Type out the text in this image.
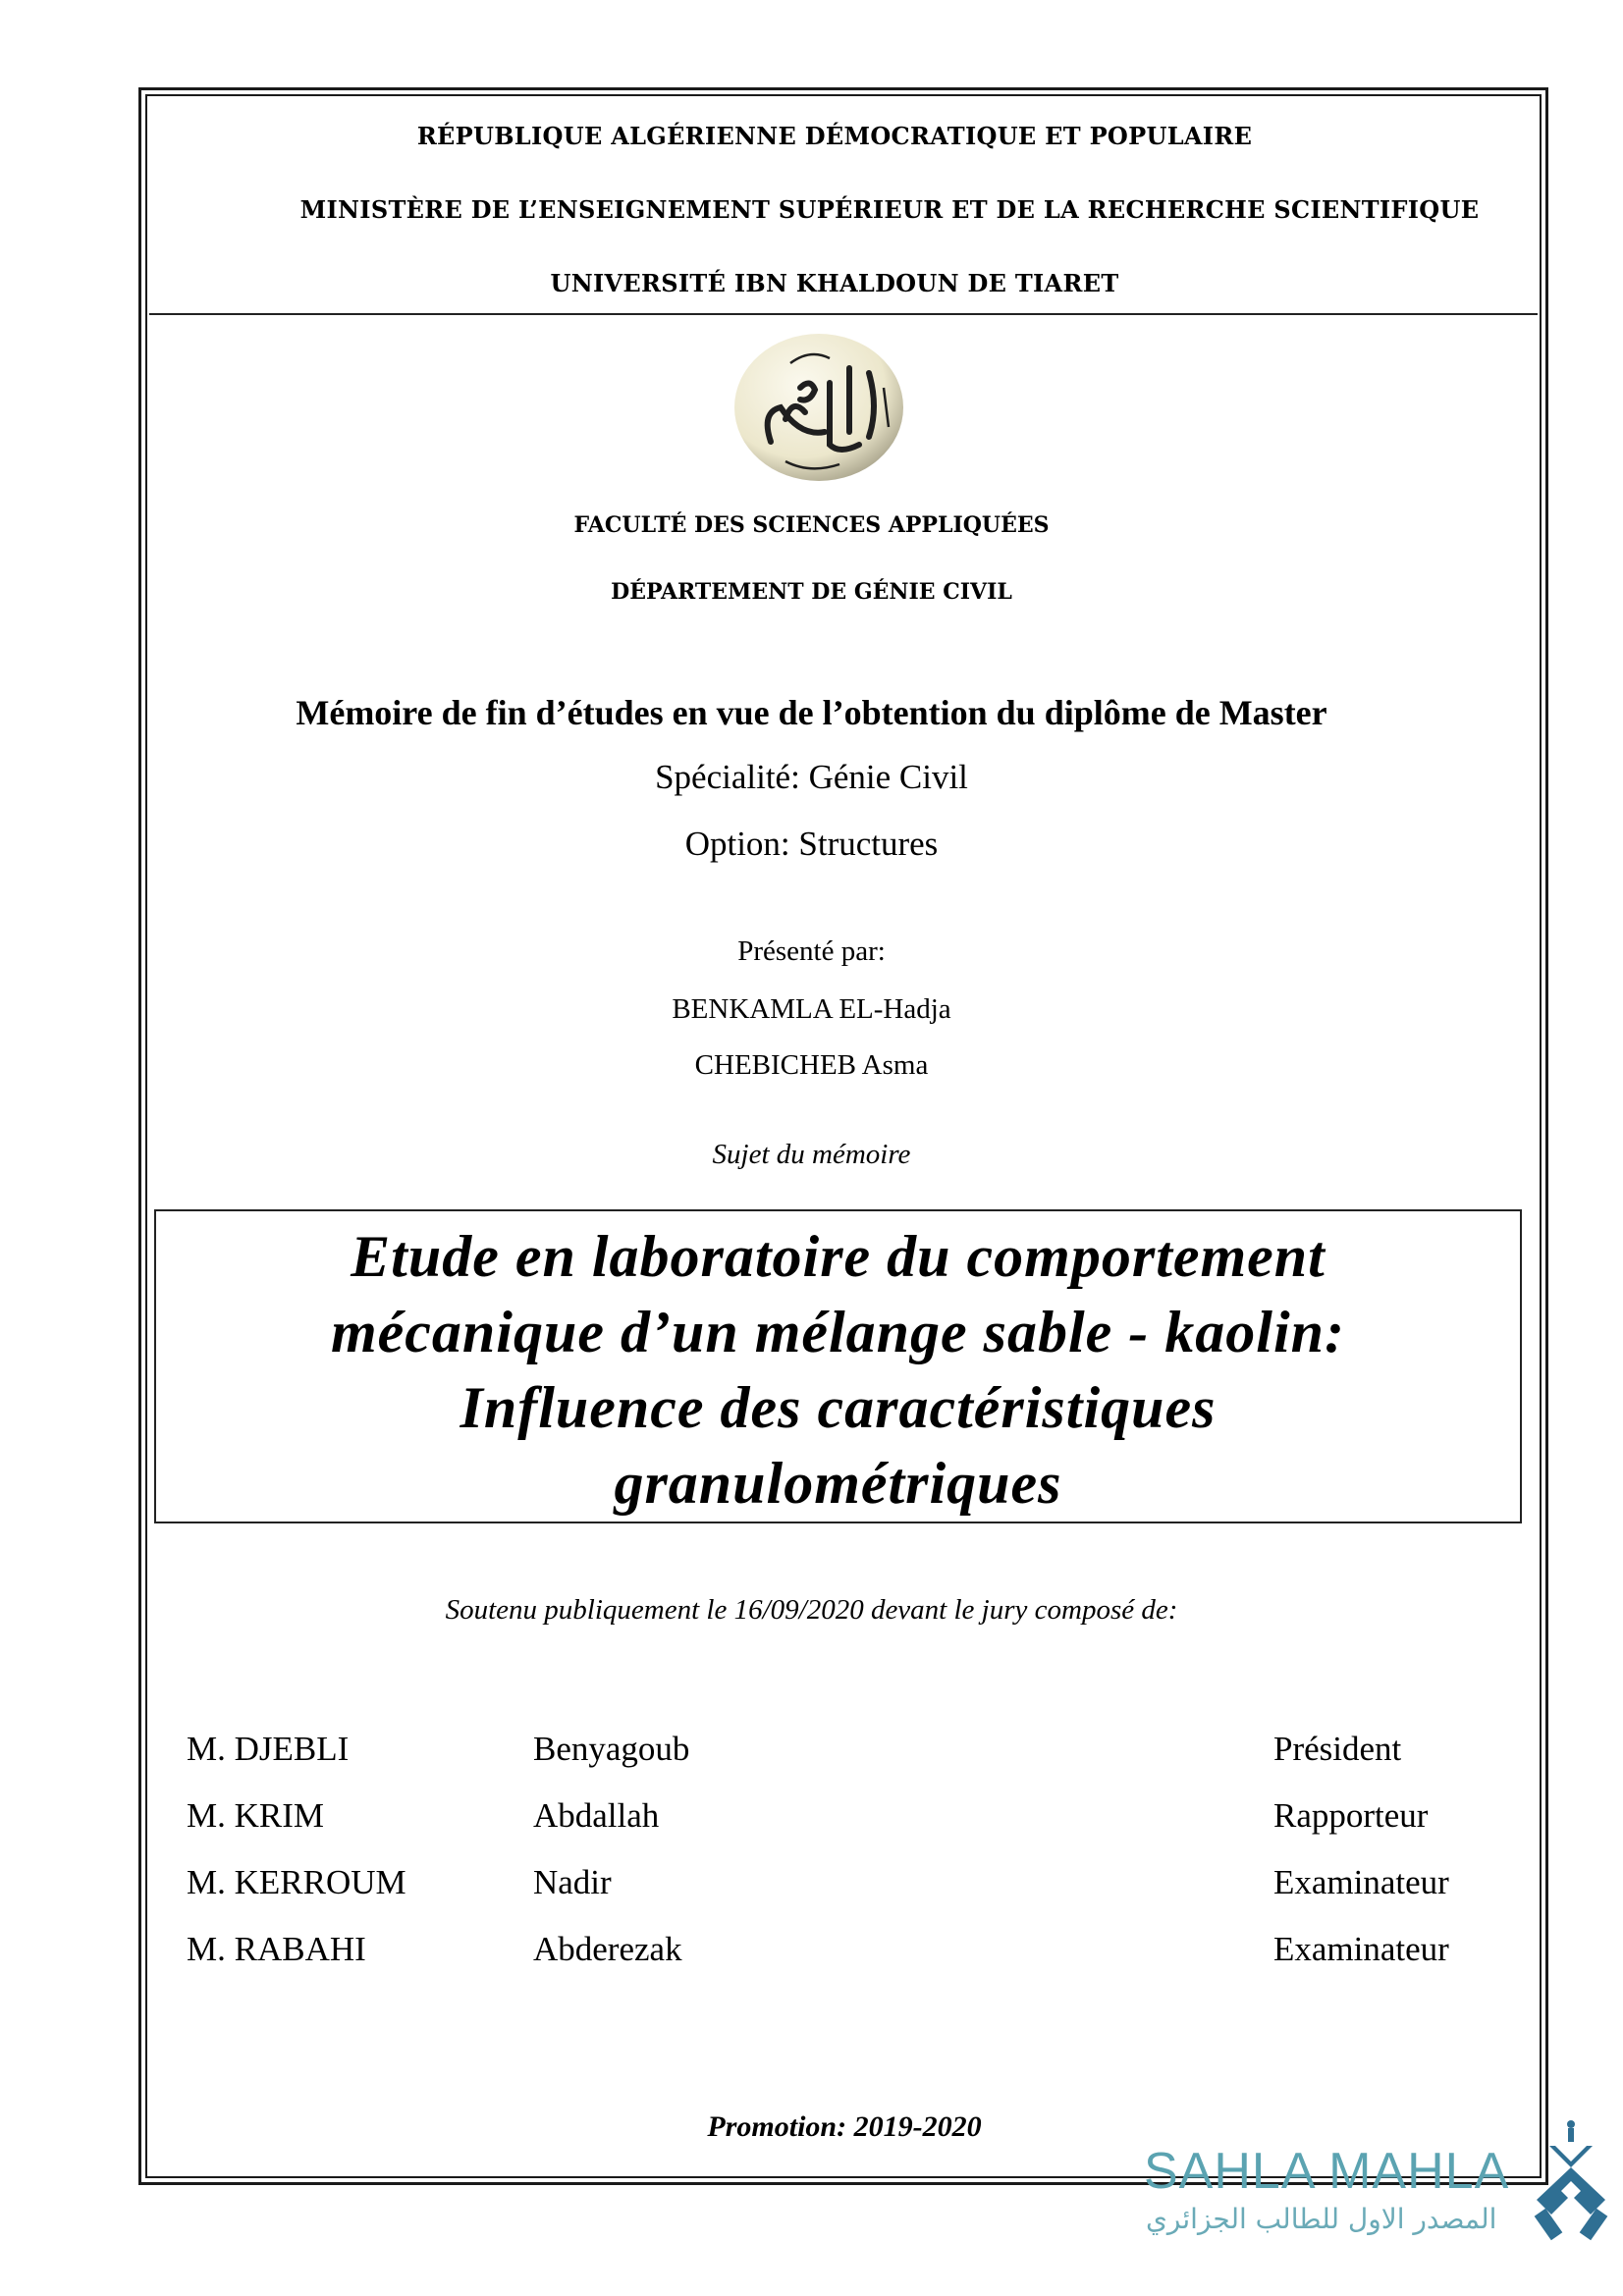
RÉPUBLIQUE ALGÉRIENNE DÉMOCRATIQUE ET POPULAIRE
MINISTÈRE DE L’ENSEIGNEMENT SUPÉRIEUR ET DE LA RECHERCHE SCIENTIFIQUE
UNIVERSITÉ IBN KHALDOUN DE TIARET
FACULTÉ DES SCIENCES APPLIQUÉES
DÉPARTEMENT DE GÉNIE CIVIL
Mémoire de fin d’études en vue de l’obtention du diplôme de Master
Spécialité: Génie Civil
Option: Structures
Présenté par:
BENKAMLA EL-Hadja
CHEBICHEB Asma
Sujet du mémoire
Etude en laboratoire du comportement
mécanique d’un mélange sable - kaolin:
Influence des caractéristiques
granulométriques
Soutenu publiquement le 16/09/2020 devant le jury composé de:
M. DJEBLI	Benyagoub	Président
M. KRIM	Abdallah	Rapporteur
M. KERROUM	Nadir	Examinateur
M. RABAHI	Abderezak	Examinateur
Promotion: 2019-2020
SAHLA MAHLA
المصدر الاول للطالب الجزائري
